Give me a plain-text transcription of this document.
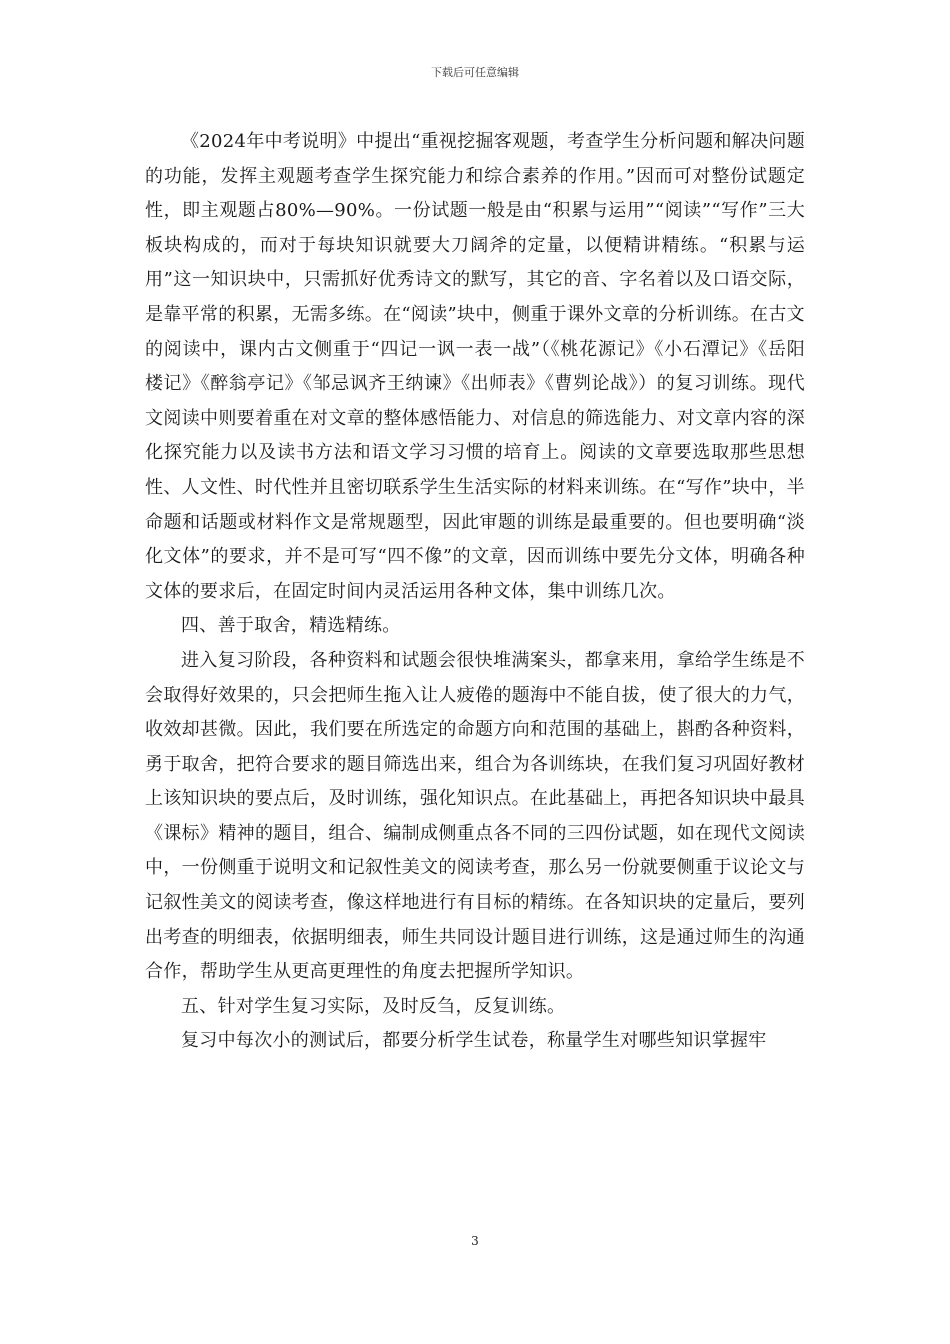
下载后可任意编辑

《2024年中考说明》中提出“重视挖掘客观题，考查学生分析问题和解决问题的功能，发挥主观题考查学生探究能力和综合素养的作用。”因而可对整份试题定性，即主观题占80%—90%。一份试题一般是由“积累与运用”“阅读”“写作”三大板块构成的，而对于每块知识就要大刀阔斧的定量，以便精讲精练。“积累与运用”这一知识块中，只需抓好优秀诗文的默写，其它的音、字名着以及口语交际，是靠平常的积累，无需多练。在“阅读”块中，侧重于课外文章的分析训练。在古文的阅读中，课内古文侧重于“四记一讽一表一战”（《桃花源记》《小石潭记》《岳阳楼记》《醉翁亭记》《邹忌讽齐王纳谏》《出师表》《曹刿论战》）的复习训练。现代文阅读中则要着重在对文章的整体感悟能力、对信息的筛选能力、对文章内容的深化探究能力以及读书方法和语文学习习惯的培育上。阅读的文章要选取那些思想性、人文性、时代性并且密切联系学生生活实际的材料来训练。在“写作”块中，半命题和话题或材料作文是常规题型，因此审题的训练是最重要的。但也要明确“淡化文体”的要求，并不是可写“四不像”的文章，因而训练中要先分文体，明确各种文体的要求后，在固定时间内灵活运用各种文体，集中训练几次。

四、善于取舍，精选精练。

进入复习阶段，各种资料和试题会很快堆满案头，都拿来用，拿给学生练是不会取得好效果的，只会把师生拖入让人疲倦的题海中不能自拔，使了很大的力气，收效却甚微。因此，我们要在所选定的命题方向和范围的基础上，斟酌各种资料，勇于取舍，把符合要求的题目筛选出来，组合为各训练块，在我们复习巩固好教材上该知识块的要点后，及时训练，强化知识点。在此基础上，再把各知识块中最具《课标》精神的题目，组合、编制成侧重点各不同的三四份试题，如在现代文阅读中，一份侧重于说明文和记叙性美文的阅读考查，那么另一份就要侧重于议论文与记叙性美文的阅读考查，像这样地进行有目标的精练。在各知识块的定量后，要列出考查的明细表，依据明细表，师生共同设计题目进行训练，这是通过师生的沟通合作，帮助学生从更高更理性的角度去把握所学知识。

五、针对学生复习实际，及时反刍，反复训练。

复习中每次小的测试后，都要分析学生试卷，称量学生对哪些知识掌握牢

3
